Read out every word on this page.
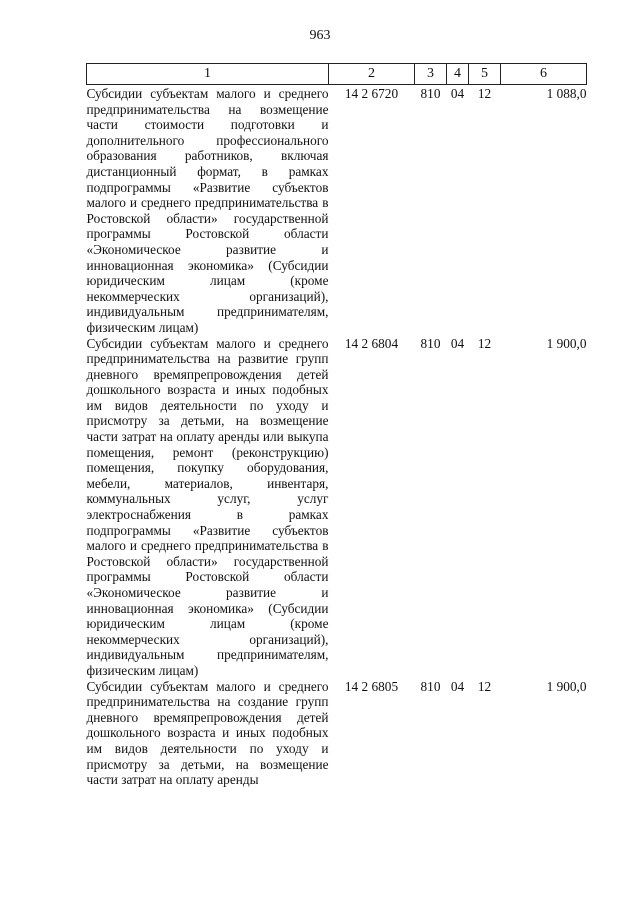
963
1	2	3	4	5	6
Субсидии субъектам малого и среднего предпринимательства на возмещение части стоимости подготовки и дополнительного профессионального образования работников, включая дистанционный формат, в рамках подпрограммы «Развитие субъектов малого и среднего предпринимательства в Ростовской области» государственной программы Ростовской области «Экономическое развитие и инновационная экономика» (Субсидии юридическим лицам (кроме некоммерческих организаций), индивидуальным предпринимателям, физическим лицам)	14 2 6720	810	04	12	1 088,0
Субсидии субъектам малого и среднего предпринимательства на развитие групп дневного времяпрепровождения детей дошкольного возраста и иных подобных им видов деятельности по уходу и присмотру за детьми, на возмещение части затрат на оплату аренды или выкупа помещения, ремонт (реконструкцию) помещения, покупку оборудования, мебели, материалов, инвентаря, коммунальных услуг, услуг электроснабжения в рамках подпрограммы «Развитие субъектов малого и среднего предпринимательства в Ростовской области» государственной программы Ростовской области «Экономическое развитие и инновационная экономика» (Субсидии юридическим лицам (кроме некоммерческих организаций), индивидуальным предпринимателям, физическим лицам)	14 2 6804	810	04	12	1 900,0
Субсидии субъектам малого и среднего предпринимательства на создание групп дневного времяпрепровождения детей дошкольного возраста и иных подобных им видов деятельности по уходу и присмотру за детьми, на возмещение части затрат на оплату аренды	14 2 6805	810	04	12	1 900,0
